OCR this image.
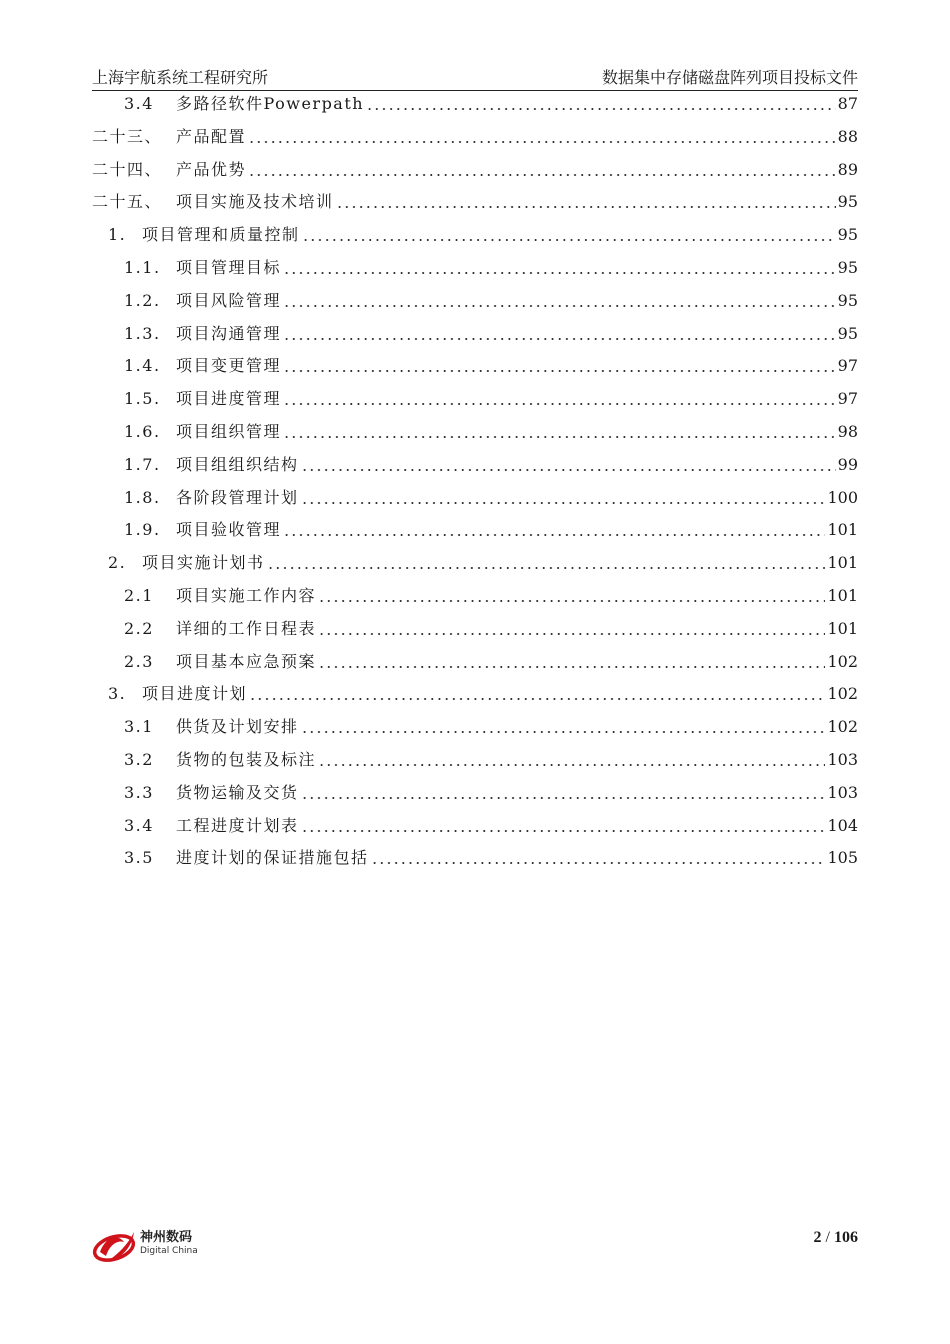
上海宇航系统工程研究所	数据集中存储磁盘阵列项目投标文件
3.4	多路径软件Powerpath	87
二十三、 产品配置	88
二十四、 产品优势	89
二十五、 项目实施及技术培训	95
1. 项目管理和质量控制	95
1.1. 项目管理目标	95
1.2. 项目风险管理	95
1.3. 项目沟通管理	95
1.4. 项目变更管理	97
1.5. 项目进度管理	97
1.6. 项目组织管理	98
1.7. 项目组组织结构	99
1.8. 各阶段管理计划	100
1.9. 项目验收管理	101
2. 项目实施计划书	101
2.1	项目实施工作内容	101
2.2	详细的工作日程表	101
2.3	项目基本应急预案	102
3. 项目进度计划	102
3.1	供货及计划安排	102
3.2	货物的包装及标注	103
3.3	货物运输及交货	103
3.4	工程进度计划表	104
3.5	进度计划的保证措施包括	105
神州数码
Digital China
2 / 106
